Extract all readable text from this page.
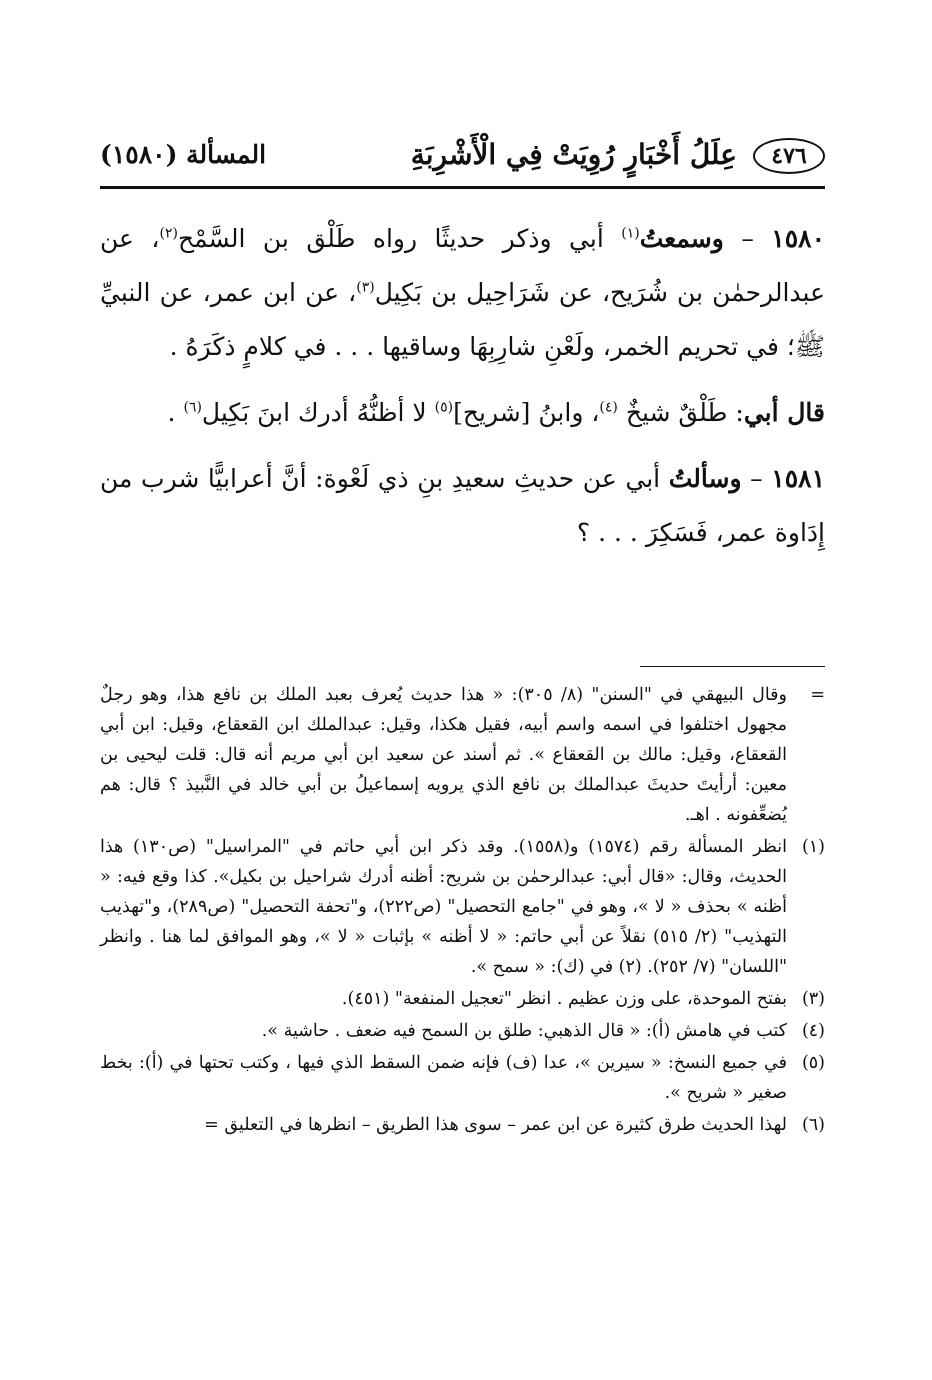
٤٧٦
عِلَلُ أَخْبَارٍ رُوِيَتْ فِي الْأَشْرِبَةِ
المسألة (١٥٨٠)

١٥٨٠ – وسمعتُ$^{(١)}$ أبي وذكر حديثًا رواه طَلْق بن السَّمْح$^{(٢)}$، عن عبدالرحمٰن بن شُرَيح، عن شَرَاحِيل بن بَكِيل$^{(٣)}$، عن ابن عمر، عن النبيِّ ﷺ؛ في تحريم الخمر، ولَعْنِ شارِبِهَا وساقيها . . . في كلامٍ ذكَرَهُ .

قال أبي: طَلْقٌ شيخٌ $^{(٤)}$، وابنُ [شريح]$^{(٥)}$ لا أظنُّهُ أدرك ابنَ بَكِيل$^{(٦)}$ .

١٥٨١ – وسألتُ أبي عن حديثِ سعيدِ بنِ ذي لَعْوة: أنَّ أعرابيًّا شرب من إِدَاوة عمر، فَسَكِرَ . . . ؟

=
وقال البيهقي في "السنن" (٨/ ٣٠٥): « هذا حديث يُعرف بعبد الملك بن نافع هذا، وهو رجلٌ مجهول اختلفوا في اسمه واسم أبيه، فقيل هكذا، وقيل: عبدالملك ابن القعقاع، وقيل: ابن أبي القعقاع، وقيل: مالك بن القعقاع ». ثم أسند عن سعيد ابن أبي مريم أنه قال: قلت ليحيى بن معين: أرأيتَ حديثَ عبدالملك بن نافع الذي يرويه إسماعيلُ بن أبي خالد في النَّبيذ ؟ قال: هم يُضعِّفونه . اهـ.
(١)
انظر المسألة رقم (١٥٧٤) و(١٥٥٨). وقد ذكر ابن أبي حاتم في "المراسيل" (ص١٣٠) هذا الحديث، وقال: «قال أبي: عبدالرحمٰن بن شريح: أظنه أدرك شراحيل بن بكيل». كذا وقع فيه: « أظنه » بحذف « لا »، وهو في "جامع التحصيل" (ص٢٢٢)، و"تحفة التحصيل" (ص٢٨٩)، و"تهذيب التهذيب" (٢/ ٥١٥) نقلاً عن أبي حاتم: « لا أظنه » بإثبات « لا »، وهو الموافق لما هنا . وانظر "اللسان" (٧/ ٢٥٢). (٢) في (ك): « سمح ».
(٣)
بفتح الموحدة، على وزن عظيم . انظر "تعجيل المنفعة" (٤٥١).
(٤)
كتب في هامش (أ): « قال الذهبي: طلق بن السمح فيه ضعف . حاشية ».
(٥)
في جميع النسخ: « سيرين »، عدا (ف) فإنه ضمن السقط الذي فيها ، وكتب تحتها في (أ): بخط صغير « شريح ».
(٦)
لهذا الحديث طرق كثيرة عن ابن عمر – سوى هذا الطريق – انظرها في التعليق =
